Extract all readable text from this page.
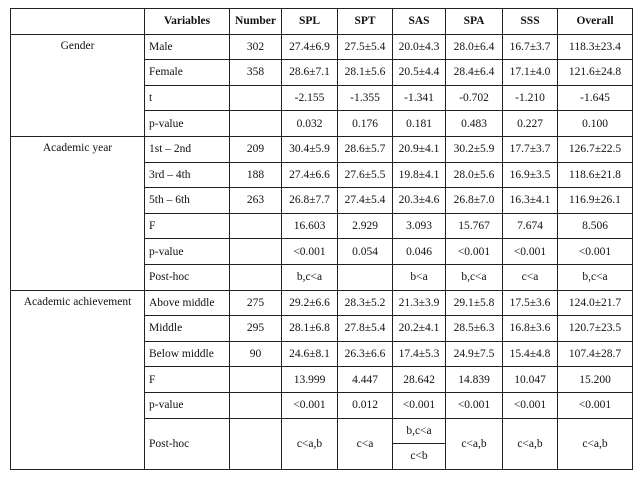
	Variables	Number	SPL	SPT	SAS	SPA	SSS	Overall
Gender	Male	302	27.4±6.9	27.5±5.4	20.0±4.3	28.0±6.4	16.7±3.7	118.3±23.4
	Female	358	28.6±7.1	28.1±5.6	20.5±4.4	28.4±6.4	17.1±4.0	121.6±24.8
	t		-2.155	-1.355	-1.341	-0.702	-1.210	-1.645
	p-value		0.032	0.176	0.181	0.483	0.227	0.100
Academic year	1st – 2nd	209	30.4±5.9	28.6±5.7	20.9±4.1	30.2±5.9	17.7±3.7	126.7±22.5
	3rd – 4th	188	27.4±6.6	27.6±5.5	19.8±4.1	28.0±5.6	16.9±3.5	118.6±21.8
	5th – 6th	263	26.8±7.7	27.4±5.4	20.3±4.6	26.8±7.0	16.3±4.1	116.9±26.1
	F		16.603	2.929	3.093	15.767	7.674	8.506
	p-value		<0.001	0.054	0.046	<0.001	<0.001	<0.001
	Post-hoc		b,c<a		b<a	b,c<a	c<a	b,c<a
Academic achievement	Above middle	275	29.2±6.6	28.3±5.2	21.3±3.9	29.1±5.8	17.5±3.6	124.0±21.7
	Middle	295	28.1±6.8	27.8±5.4	20.2±4.1	28.5±6.3	16.8±3.6	120.7±23.5
	Below middle	90	24.6±8.1	26.3±6.6	17.4±5.3	24.9±7.5	15.4±4.8	107.4±28.7
	F		13.999	4.447	28.642	14.839	10.047	15.200
	p-value		<0.001	0.012	<0.001	<0.001	<0.001	<0.001
	Post-hoc		c<a,b	c<a	b,c<a	c<a,b	c<a,b	c<a,b
					c<b			
